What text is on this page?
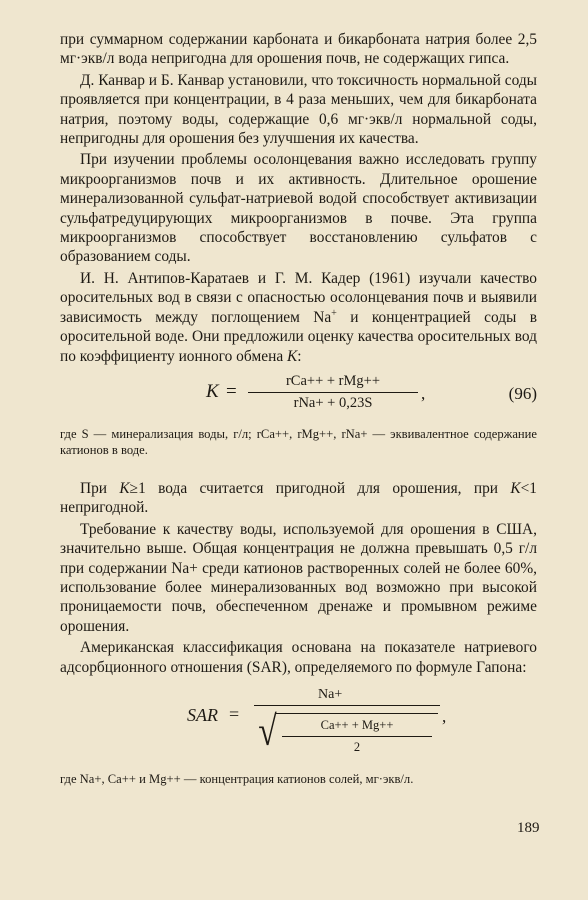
при суммарном содержании карбоната и бикарбоната натрия более 2,5 мг·экв/л вода непригодна для орошения почв, не содержащих гипса.

Д. Канвар и Б. Канвар установили, что токсичность нормальной соды проявляется при концентрации, в 4 раза меньших, чем для бикарбоната натрия, поэтому воды, содержащие 0,6 мг·экв/л нормальной соды, непригодны для орошения без улучшения их качества.

При изучении проблемы осолонцевания важно исследовать группу микроорганизмов почв и их активность. Длительное орошение минерализованной сульфат-натриевой водой способствует активизации сульфатредуцирующих микроорганизмов в почве. Эта группа микроорганизмов способствует восстановлению сульфатов с образованием соды.

И. Н. Антипов-Каратаев и Г. М. Кадер (1961) изучали качество оросительных вод в связи с опасностью осолонцевания почв и выявили зависимость между поглощением Na+ и концентрацией соды в оросительной воде. Они предложили оценку качества оросительных вод по коэффициенту ионного обмена K:

K =	rCa++ + rMg++
rNa+ + 0,23S
,	(96)

где S — минерализация воды, г/л; rCa++, rMg++, rNa+ — эквивалентное содержание катионов в воде.

При K≥1 вода считается пригодной для орошения, при K<1 непригодной.

Требование к качеству воды, используемой для орошения в США, значительно выше. Общая концентрация не должна превышать 0,5 г/л при содержании Na+ среди катионов растворенных солей не более 60%, использование более минерализованных вод возможно при высокой проницаемости почв, обеспеченном дренаже и промывном режиме орошения.

Американская классификация основана на показателе натриевого адсорбционного отношения (SAR), определяемого по формуле Гапона:

SAR =
Na+
√ $\frac{Ca++ + Mg++}{2}$ ,

где Na+, Ca++ и Mg++ — концентрация катионов солей, мг·экв/л.

189
